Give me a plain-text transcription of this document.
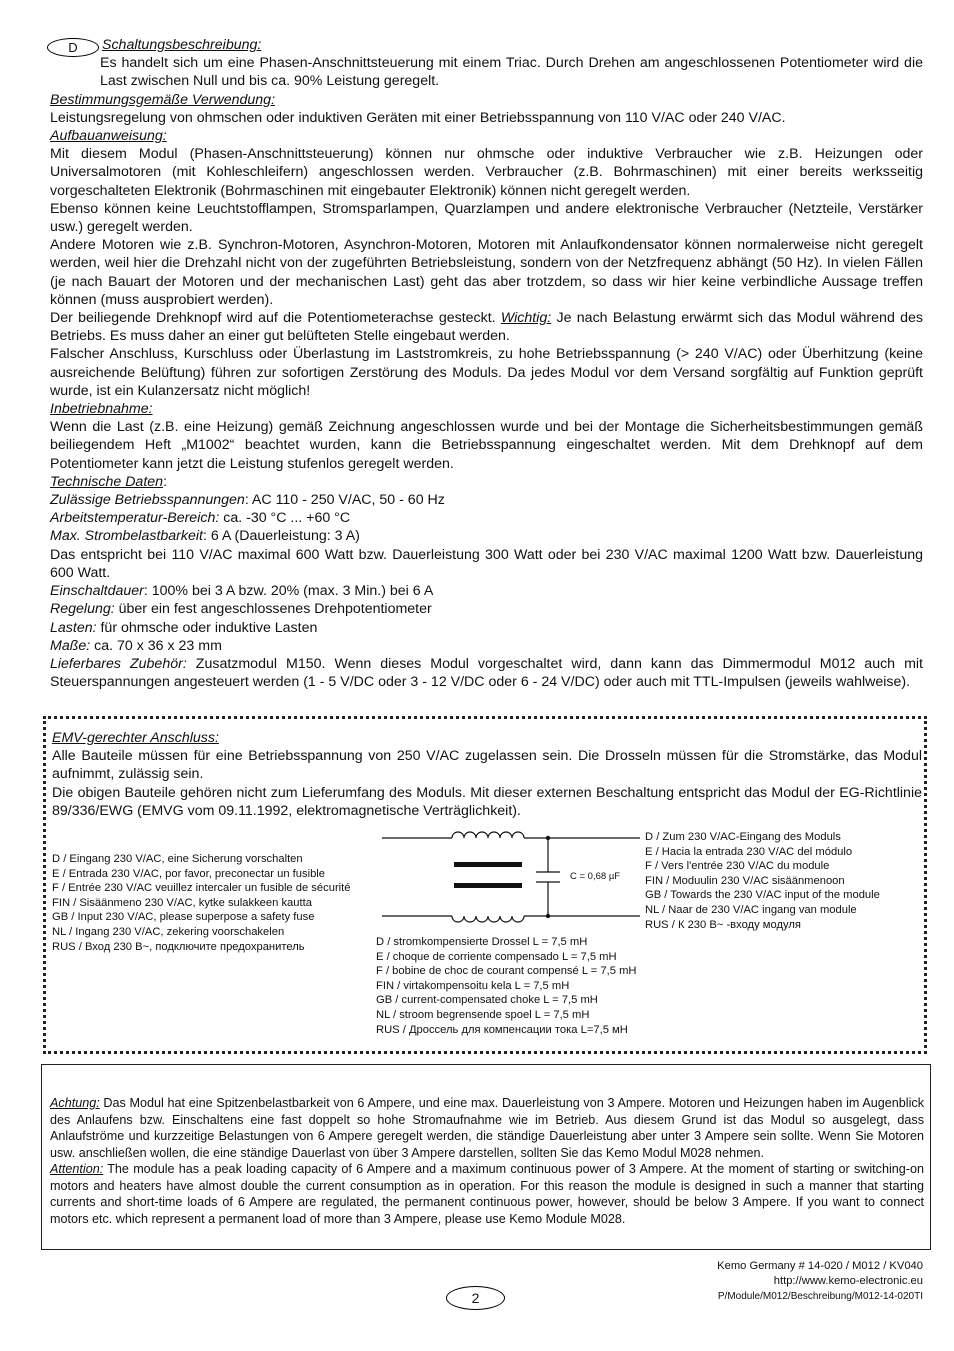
D	Schaltungsbeschreibung:

Es handelt sich um eine Phasen-Anschnittsteuerung mit einem Triac. Durch Drehen am angeschlossenen Potentiometer wird die Last zwischen Null und bis ca. 90% Leistung geregelt.

Bestimmungsgemäße Verwendung:

Leistungsregelung von ohmschen oder induktiven Geräten mit einer Betriebsspannung von 110 V/AC oder 240 V/AC.

Aufbauanweisung:

Mit diesem Modul (Phasen-Anschnittsteuerung) können nur ohmsche oder induktive Verbraucher wie z.B. Heizungen oder Universalmotoren (mit Kohleschleifern) angeschlossen werden. Verbraucher (z.B. Bohrmaschinen) mit einer bereits werksseitig vorgeschalteten Elektronik (Bohrmaschinen mit eingebauter Elektronik) können nicht geregelt werden.

Ebenso können keine Leuchtstofflampen, Stromsparlampen, Quarzlampen und andere elektronische Verbraucher (Netzteile, Verstärker usw.) geregelt werden.

Andere Motoren wie z.B. Synchron-Motoren, Asynchron-Motoren, Motoren mit Anlaufkondensator können normalerweise nicht geregelt werden, weil hier die Drehzahl nicht von der zugeführten Betriebsleistung, sondern von der Netzfrequenz abhängt (50 Hz). In vielen Fällen (je nach Bauart der Motoren und der mechanischen Last) geht das aber trotzdem, so dass wir hier keine verbindliche Aussage treffen können (muss ausprobiert werden).

Der beiliegende Drehknopf wird auf die Potentiometerachse gesteckt. Wichtig: Je nach Belastung erwärmt sich das Modul während des Betriebs. Es muss daher an einer gut belüfteten Stelle eingebaut werden.

Falscher Anschluss, Kurschluss oder Überlastung im Laststromkreis, zu hohe Betriebsspannung (> 240 V/AC) oder Überhitzung (keine ausreichende Belüftung) führen zur sofortigen Zerstörung des Moduls. Da jedes Modul vor dem Versand sorgfältig auf Funktion geprüft wurde, ist ein Kulanzersatz nicht möglich!

Inbetriebnahme:

Wenn die Last (z.B. eine Heizung) gemäß Zeichnung angeschlossen wurde und bei der Montage die Sicherheitsbestimmungen gemäß beiliegendem Heft „M1002“ beachtet wurden, kann die Betriebsspannung eingeschaltet werden. Mit dem Drehknopf auf dem Potentiometer kann jetzt die Leistung stufenlos geregelt werden.

Technische Daten:

Zulässige Betriebsspannungen: AC 110 - 250 V/AC, 50 - 60 Hz

Arbeitstemperatur-Bereich: ca. -30 °C ... +60 °C

Max. Strombelastbarkeit: 6 A (Dauerleistung: 3 A)

Das entspricht bei 110 V/AC maximal 600 Watt bzw. Dauerleistung 300 Watt oder bei 230 V/AC maximal 1200 Watt bzw. Dauerleistung 600 Watt.

Einschaltdauer: 100% bei 3 A bzw. 20% (max. 3 Min.) bei 6 A

Regelung: über ein fest angeschlossenes Drehpotentiometer

Lasten: für ohmsche oder induktive Lasten

Maße: ca. 70 x 36 x 23 mm

Lieferbares Zubehör: Zusatzmodul M150. Wenn dieses Modul vorgeschaltet wird, dann kann das Dimmermodul M012 auch mit Steuerspannungen angesteuert werden (1 - 5 V/DC oder 3 - 12 V/DC oder 6 - 24 V/DC) oder auch mit TTL-Impulsen (jeweils wahlweise).

EMV-gerechter Anschluss:

Alle Bauteile müssen für eine Betriebsspannung von 250 V/AC zugelassen sein. Die Drosseln müssen für die Stromstärke, das Modul aufnimmt, zulässig sein.

Die obigen Bauteile gehören nicht zum Lieferumfang des Moduls. Mit dieser externen Beschaltung entspricht das Modul der EG-Richtlinie 89/336/EWG (EMVG vom 09.11.1992, elektromagnetische Verträglichkeit).

C = 0,68 µF
D / Eingang 230 V/AC, eine Sicherung vorschalten
E / Entrada 230 V/AC, por favor, preconectar un fusible
F / Entrée 230 V/AC veuillez intercaler un fusible de sécurité
FIN / Sisäänmeno 230 V/AC, kytke sulakkeen kautta
GB / Input 230 V/AC, please superpose a safety fuse
NL / Ingang 230 V/AC, zekering voorschakelen
RUS / Вход 230 В~, подключите предохранитель
D / Zum 230 V/AC-Eingang des Moduls
E / Hacia la entrada 230 V/AC del módulo
F / Vers l'entrée 230 V/AC du module
FIN / Moduulin 230 V/AC sisäänmenoon
GB / Towards the 230 V/AC input of the module
NL / Naar de 230 V/AC ingang van module
RUS / К 230 В~ -входу модуля
D / stromkompensierte Drossel L = 7,5 mH
E / choque de corriente compensado L = 7,5 mH
F / bobine de choc de courant compensé L = 7,5 mH
FIN / virtakompensoitu kela L = 7,5 mH
GB / current-compensated choke L = 7,5 mH
NL / stroom begrensende spoel L = 7,5 mH
RUS / Дроссель для компенсации тока L=7,5 мН

Achtung: Das Modul hat eine Spitzenbelastbarkeit von 6 Ampere, und eine max. Dauerleistung von 3 Ampere. Motoren und Heizungen haben im Augenblick des Anlaufens bzw. Einschaltens eine fast doppelt so hohe Stromaufnahme wie im Betrieb. Aus diesem Grund ist das Modul so ausgelegt, dass Anlaufströme und kurzzeitige Belastungen von 6 Ampere geregelt werden, die ständige Dauerleistung aber unter 3 Ampere sein sollte. Wenn Sie Motoren usw. anschließen wollen, die eine ständige Dauerlast von über 3 Ampere darstellen, sollten Sie das Kemo Modul M028 nehmen.

Attention: The module has a peak loading capacity of 6 Ampere and a maximum continuous power of 3 Ampere. At the moment of starting or switching-on motors and heaters have almost double the current consumption as in operation. For this reason the module is designed in such a manner that starting currents and short-time loads of 6 Ampere are regulated, the permanent continuous power, however, should be below 3 Ampere. If you want to connect motors etc. which represent a permanent load of more than 3 Ampere, please use Kemo Module M028.

Kemo Germany # 14-020 / M012 / KV040
http://www.kemo-electronic.eu
P/Module/M012/Beschreibung/M012-14-020TI
2
